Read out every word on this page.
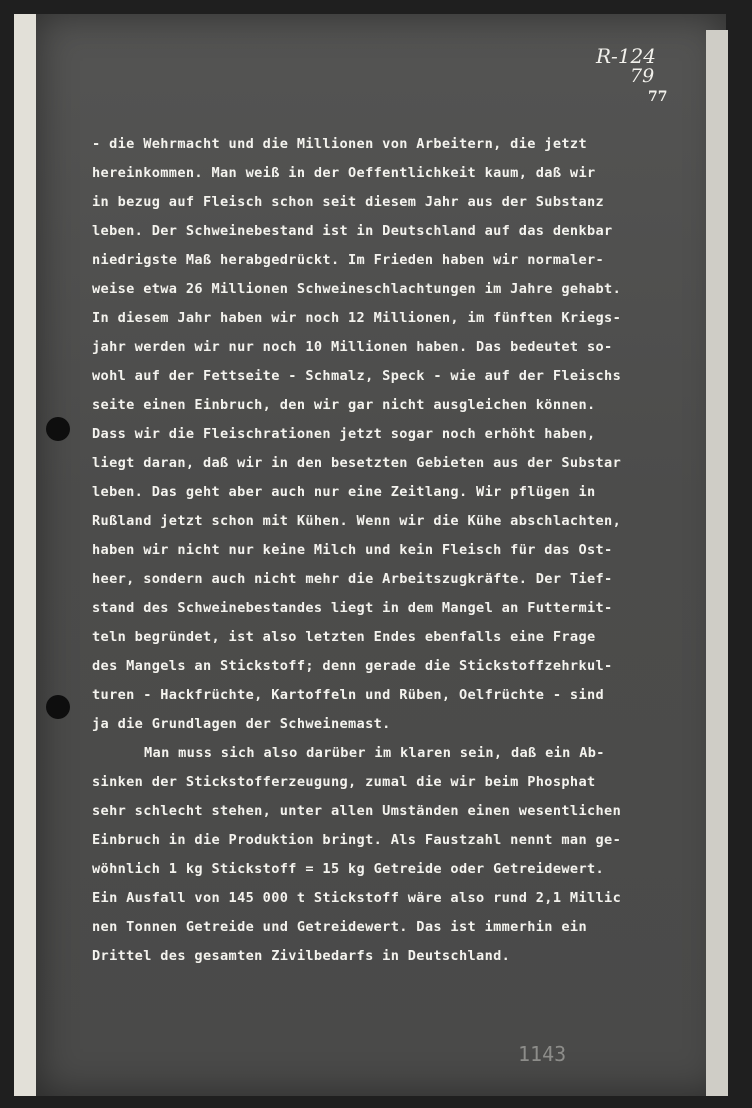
R-124
79
77
- die Wehrmacht und die Millionen von Arbeitern, die jetzt
hereinkommen. Man weiß in der Oeffentlichkeit kaum, daß wir
in bezug auf Fleisch schon seit diesem Jahr aus der Substanz
leben. Der Schweinebestand ist in Deutschland auf das denkbar
niedrigste Maß herabgedrückt. Im Frieden haben wir normaler-
weise etwa 26 Millionen Schweineschlachtungen im Jahre gehabt.
In diesem Jahr haben wir noch 12 Millionen, im fünften Kriegs-
jahr werden wir nur noch 10 Millionen haben. Das bedeutet so-
wohl auf der Fettseite - Schmalz, Speck - wie auf der Fleischs
seite einen Einbruch, den wir gar nicht ausgleichen können.
Dass wir die Fleischrationen jetzt sogar noch erhöht haben,
liegt daran, daß wir in den besetzten Gebieten aus der Substar
leben. Das geht aber auch nur eine Zeitlang. Wir pflügen in
Rußland jetzt schon mit Kühen. Wenn wir die Kühe abschlachten,
haben wir nicht nur keine Milch und kein Fleisch für das Ost-
heer, sondern auch nicht mehr die Arbeitszugkräfte. Der Tief-
stand des Schweinebestandes liegt in dem Mangel an Futtermit-
teln begründet, ist also letzten Endes ebenfalls eine Frage
des Mangels an Stickstoff; denn gerade die Stickstoffzehrkul-
turen - Hackfrüchte, Kartoffeln und Rüben, Oelfrüchte - sind
ja die Grundlagen der Schweinemast.
Man muss sich also darüber im klaren sein, daß ein Ab-
sinken der Stickstofferzeugung, zumal die wir beim Phosphat
sehr schlecht stehen, unter allen Umständen einen wesentlichen
Einbruch in die Produktion bringt. Als Faustzahl nennt man ge-
wöhnlich 1 kg Stickstoff = 15 kg Getreide oder Getreidewert.
Ein Ausfall von 145 000 t Stickstoff wäre also rund 2,1 Millic
nen Tonnen Getreide und Getreidewert. Das ist immerhin ein
Drittel des gesamten Zivilbedarfs in Deutschland.
1143
